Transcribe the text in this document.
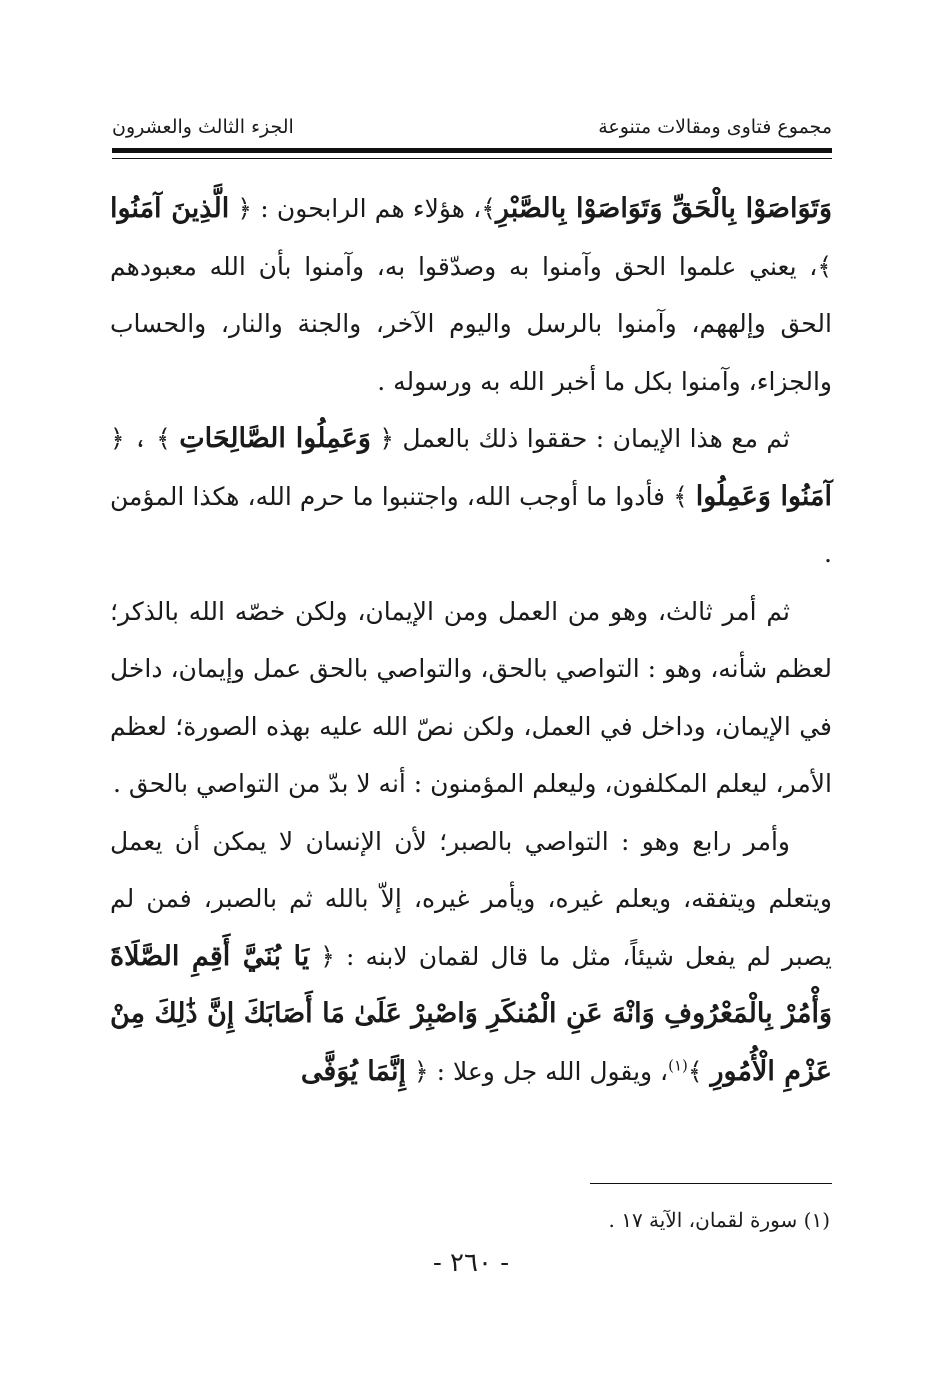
مجموع فتاوى ومقالات متنوعة
الجزء الثالث والعشرون

وَتَوَاصَوْا بِالْحَقِّ وَتَوَاصَوْا بِالصَّبْرِ﴾، هؤلاء هم الرابحون : ﴿ الَّذِينَ آمَنُوا ﴾، يعني علموا الحق وآمنوا به وصدّقوا به، وآمنوا بأن الله معبودهم الحق وإلههم، وآمنوا بالرسل واليوم الآخر، والجنة والنار، والحساب والجزاء، وآمنوا بكل ما أخبر الله به ورسوله .

ثم مع هذا الإيمان : حققوا ذلك بالعمل ﴿ وَعَمِلُوا الصَّالِحَاتِ ﴾ ، ﴿ آمَنُوا وَعَمِلُوا ﴾ فأدوا ما أوجب الله، واجتنبوا ما حرم الله، هكذا المؤمن .

ثم أمر ثالث، وهو من العمل ومن الإيمان، ولكن خصّه الله بالذكر؛ لعظم شأنه، وهو : التواصي بالحق، والتواصي بالحق عمل وإيمان، داخل في الإيمان، وداخل في العمل، ولكن نصّ الله عليه بهذه الصورة؛ لعظم الأمر، ليعلم المكلفون، وليعلم المؤمنون : أنه لا بدّ من التواصي بالحق .

وأمر رابع وهو : التواصي بالصبر؛ لأن الإنسان لا يمكن أن يعمل ويتعلم ويتفقه، ويعلم غيره، ويأمر غيره، إلاّ بالله ثم بالصبر، فمن لم يصبر لم يفعل شيئاً، مثل ما قال لقمان لابنه : ﴿ يَا بُنَيَّ أَقِمِ الصَّلَاةَ وَأْمُرْ بِالْمَعْرُوفِ وَانْهَ عَنِ الْمُنكَرِ وَاصْبِرْ عَلَىٰ مَا أَصَابَكَ إِنَّ ذَٰلِكَ مِنْ عَزْمِ الْأُمُورِ ﴾$^{(١)}$، ويقول الله جل وعلا : ﴿ إِنَّمَا يُوَفَّى

(١) سورة لقمان، الآية ١٧ .
- ٢٦٠ -
